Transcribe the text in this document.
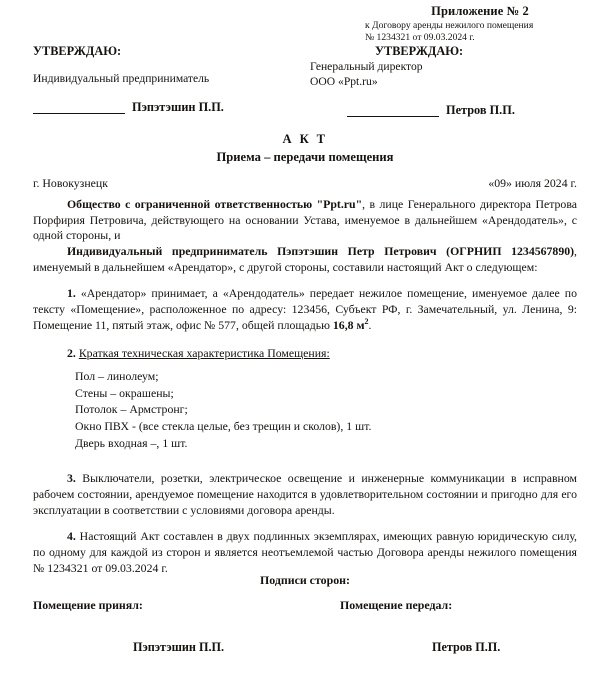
Приложение № 2
к Договору аренды нежилого помещения
№ 1234321 от 09.03.2024 г.
УТВЕРЖДАЮ:
Индивидуальный предприниматель
Пэпэтэшин П.П.
УТВЕРЖДАЮ:
Генеральный директор
ООО «Ppt.ru»
Петров П.П.
А К Т
Приема – передачи помещения
г. Новокузнецк	«09» июля 2024 г.

Общество с ограниченной ответственностью "Ppt.ru", в лице Генерального директора Петрова Порфирия Петровича, действующего на основании Устава, именуемое в дальнейшем «Арендодатель», с одной стороны, и

Индивидуальный предприниматель Пэпэтэшин Петр Петрович (ОГРНИП 1234567890), именуемый в дальнейшем «Арендатор», с другой стороны, составили настоящий Акт о следующем:

1. «Арендатор» принимает, а «Арендодатель» передает нежилое помещение, именуемое далее по тексту «Помещение», расположенное по адресу: 123456, Субъект РФ, г. Замечательный, ул. Ленина, 9: Помещение 11, пятый этаж, офис № 577, общей площадью 16,8 $м^2$.

2. Краткая техническая характеристика Помещения:
Пол – линолеум;
Стены – окрашены;
Потолок – Армстронг;
Окно ПВХ - (все стекла целые, без трещин и сколов), 1 шт.
Дверь входная –, 1 шт.

3. Выключатели, розетки, электрическое освещение и инженерные коммуникации в исправном рабочем состоянии, арендуемое помещение находится в удовлетворительном состоянии и пригодно для его эксплуатации в соответствии с условиями договора аренды.

4. Настоящий Акт составлен в двух подлинных экземплярах, имеющих равную юридическую силу, по одному для каждой из сторон и является неотъемлемой частью Договора аренды нежилого помещения № 1234321 от 09.03.2024 г.

Подписи сторон:
Помещение принял:
Пэпэтэшин П.П.
Помещение передал:
Петров П.П.
